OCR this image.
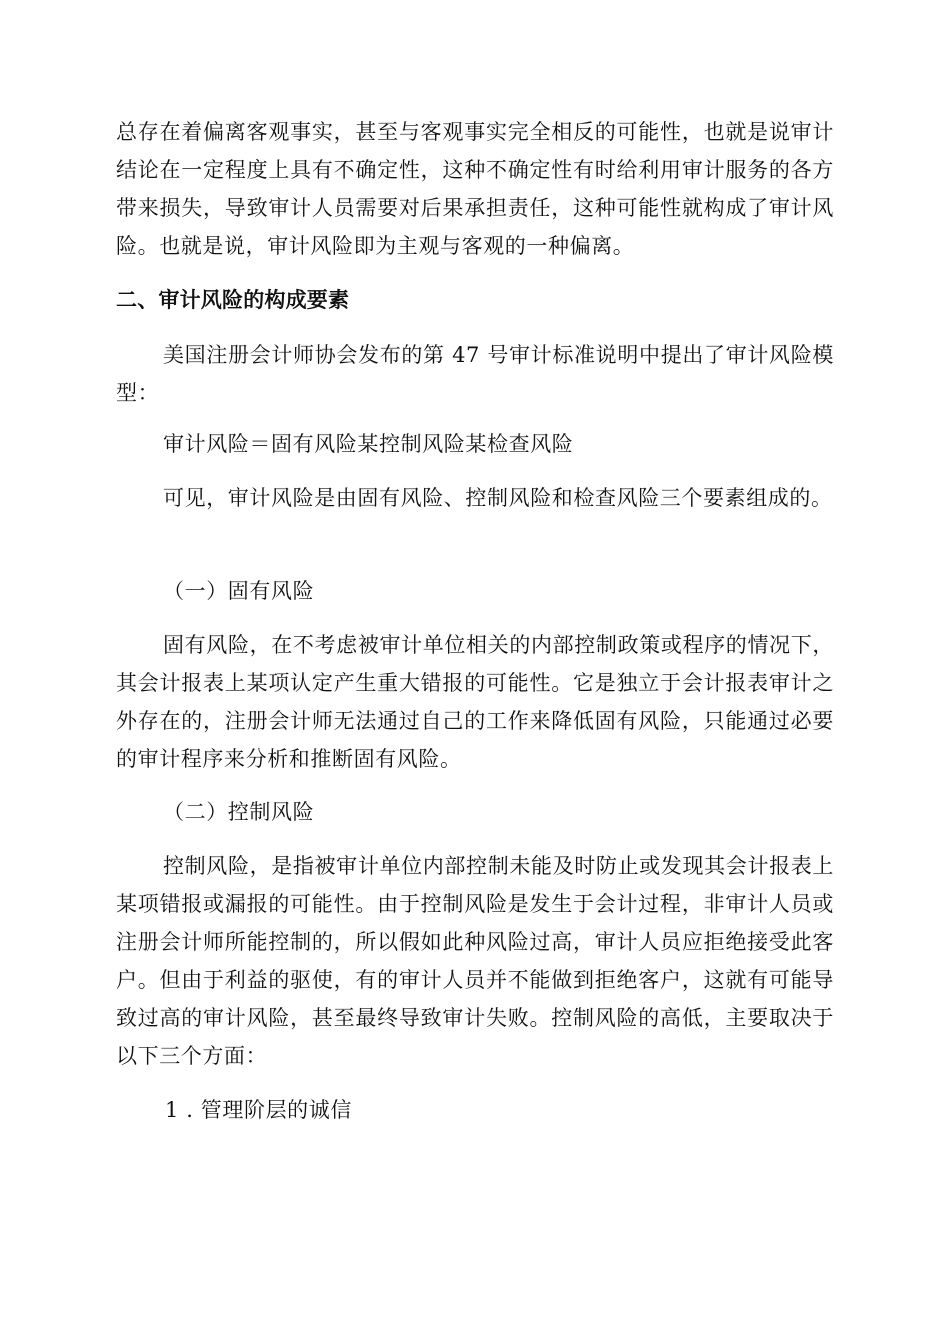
总存在着偏离客观事实，甚至与客观事实完全相反的可能性，也就是说审计结论在一定程度上具有不确定性，这种不确定性有时给利用审计服务的各方带来损失，导致审计人员需要对后果承担责任，这种可能性就构成了审计风险。也就是说，审计风险即为主观与客观的一种偏离。

二、审计风险的构成要素

美国注册会计师协会发布的第 47 号审计标准说明中提出了审计风险模型：

审计风险＝固有风险某控制风险某检查风险

可见，审计风险是由固有风险、控制风险和检查风险三个要素组成的。

（一）固有风险

固有风险，在不考虑被审计单位相关的内部控制政策或程序的情况下，其会计报表上某项认定产生重大错报的可能性。它是独立于会计报表审计之外存在的，注册会计师无法通过自己的工作来降低固有风险，只能通过必要的审计程序来分析和推断固有风险。

（二）控制风险

控制风险，是指被审计单位内部控制未能及时防止或发现其会计报表上某项错报或漏报的可能性。由于控制风险是发生于会计过程，非审计人员或注册会计师所能控制的，所以假如此种风险过高，审计人员应拒绝接受此客户。但由于利益的驱使，有的审计人员并不能做到拒绝客户，这就有可能导致过高的审计风险，甚至最终导致审计失败。控制风险的高低，主要取决于以下三个方面：

1 . 管理阶层的诚信
